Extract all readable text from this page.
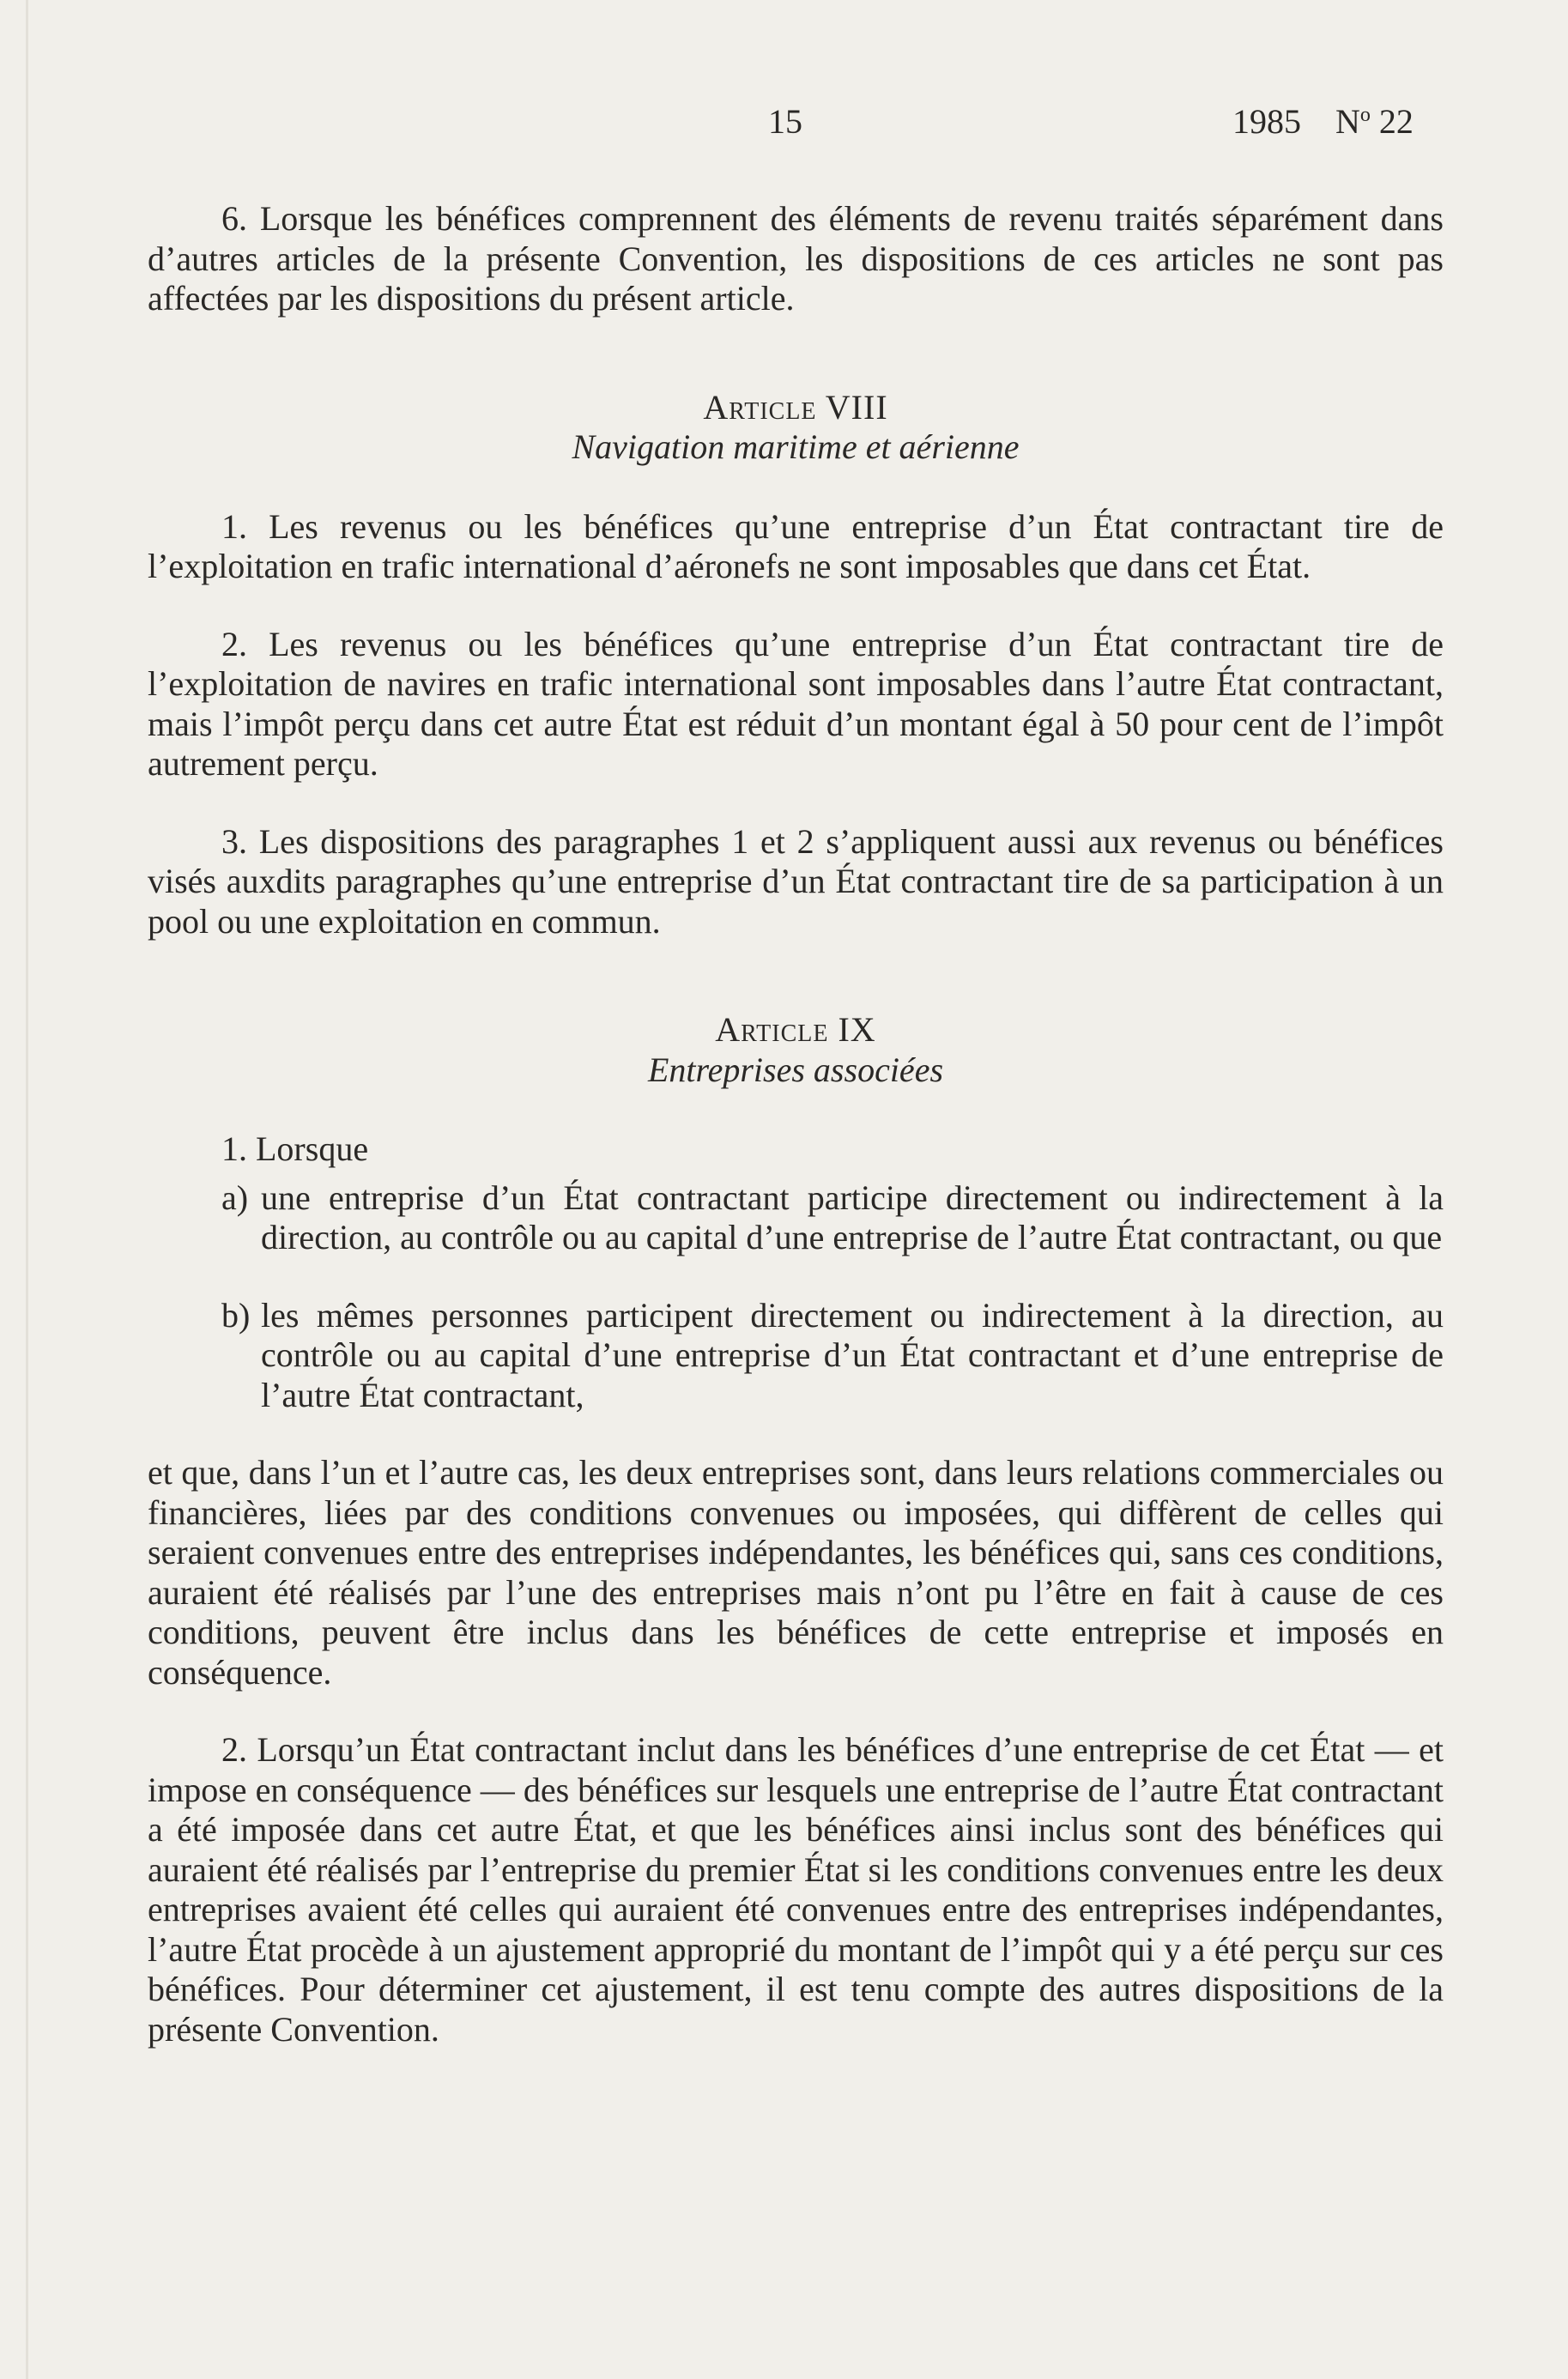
15	1985 $N^o$ 22

6. Lorsque les bénéfices comprennent des éléments de revenu traités séparément dans d’autres articles de la présente Convention, les dispositions de ces articles ne sont pas affectées par les dispositions du présent article.

Article VIII

Navigation maritime et aérienne

1. Les revenus ou les bénéfices qu’une entreprise d’un État contractant tire de l’exploitation en trafic international d’aéronefs ne sont imposables que dans cet État.

2. Les revenus ou les bénéfices qu’une entreprise d’un État contractant tire de l’exploitation de navires en trafic international sont imposables dans l’autre État contractant, mais l’impôt perçu dans cet autre État est réduit d’un montant égal à 50 pour cent de l’impôt autrement perçu.

3. Les dispositions des paragraphes 1 et 2 s’appliquent aussi aux revenus ou bénéfices visés auxdits paragraphes qu’une entreprise d’un État contractant tire de sa participation à un pool ou une exploitation en commun.

Article IX

Entreprises associées

1. Lorsque

a) une entreprise d’un État contractant participe directement ou indirectement à la direction, au contrôle ou au capital d’une entreprise de l’autre État contractant, ou que
b) les mêmes personnes participent directement ou indirectement à la direction, au contrôle ou au capital d’une entreprise d’un État contractant et d’une entreprise de l’autre État contractant,

et que, dans l’un et l’autre cas, les deux entreprises sont, dans leurs relations commerciales ou financières, liées par des conditions convenues ou imposées, qui diffèrent de celles qui seraient convenues entre des entreprises indépendantes, les bénéfices qui, sans ces conditions, auraient été réalisés par l’une des entreprises mais n’ont pu l’être en fait à cause de ces conditions, peuvent être inclus dans les bénéfices de cette entreprise et imposés en conséquence.

2. Lorsqu’un État contractant inclut dans les bénéfices d’une entreprise de cet État — et impose en conséquence — des bénéfices sur lesquels une entreprise de l’autre État contractant a été imposée dans cet autre État, et que les bénéfices ainsi inclus sont des bénéfices qui auraient été réalisés par l’entreprise du premier État si les conditions convenues entre les deux entreprises avaient été celles qui auraient été convenues entre des entreprises indépendantes, l’autre État procède à un ajustement approprié du montant de l’impôt qui y a été perçu sur ces bénéfices. Pour déterminer cet ajustement, il est tenu compte des autres dispositions de la présente Convention.
